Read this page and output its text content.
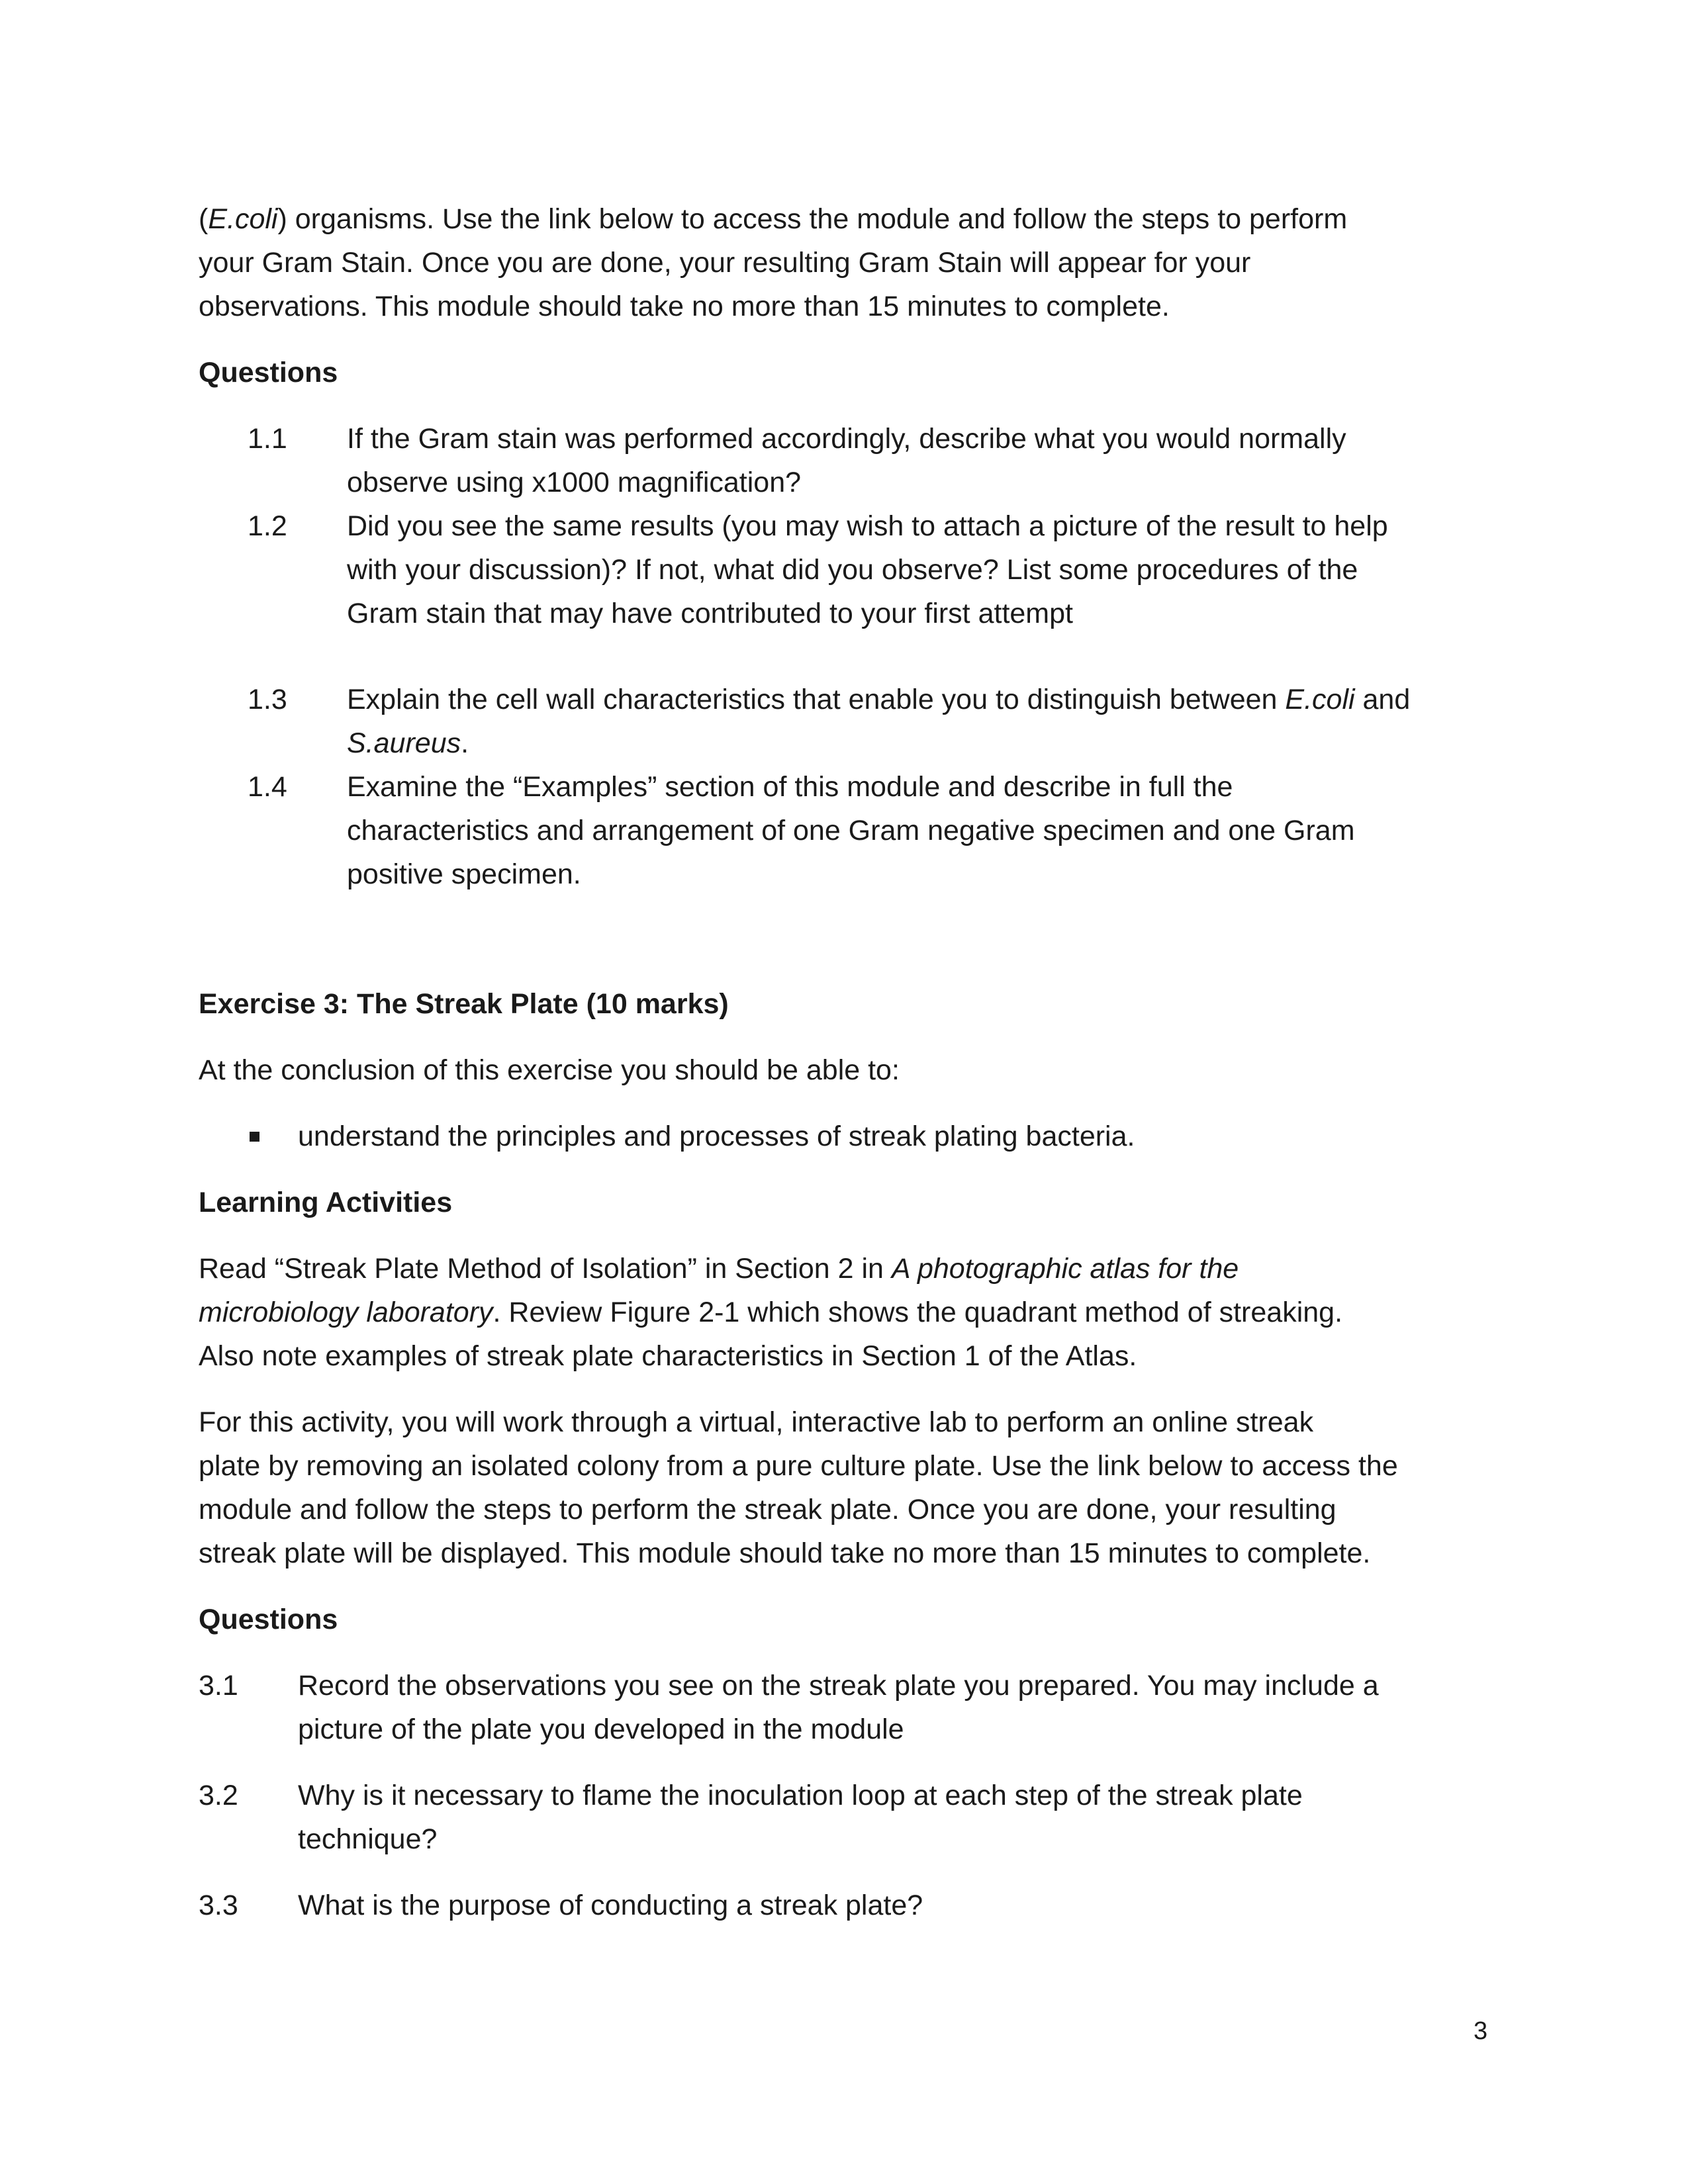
(E.coli) organisms. Use the link below to access the module and follow the steps to perform
your Gram Stain. Once you are done, your resulting Gram Stain will appear for your
observations. This module should take no more than 15 minutes to complete.
Questions
1.1 If the Gram stain was performed accordingly, describe what you would normally
observe using x1000 magnification?
1.2 Did you see the same results (you may wish to attach a picture of the result to help
with your discussion)? If not, what did you observe? List some procedures of the
Gram stain that may have contributed to your first attempt
1.3 Explain the cell wall characteristics that enable you to distinguish between E.coli and
S.aureus.
1.4 Examine the “Examples” section of this module and describe in full the
characteristics and arrangement of one Gram negative specimen and one Gram
positive specimen.
Exercise 3: The Streak Plate (10 marks)
At the conclusion of this exercise you should be able to:
understand the principles and processes of streak plating bacteria.
Learning Activities
Read “Streak Plate Method of Isolation” in Section 2 in A photographic atlas for the
microbiology laboratory. Review Figure 2-1 which shows the quadrant method of streaking.
Also note examples of streak plate characteristics in Section 1 of the Atlas.
For this activity, you will work through a virtual, interactive lab to perform an online streak
plate by removing an isolated colony from a pure culture plate. Use the link below to access the
module and follow the steps to perform the streak plate. Once you are done, your resulting
streak plate will be displayed. This module should take no more than 15 minutes to complete.
Questions
3.1 Record the observations you see on the streak plate you prepared. You may include a
picture of the plate you developed in the module
3.2 Why is it necessary to flame the inoculation loop at each step of the streak plate
technique?
3.3 What is the purpose of conducting a streak plate?
3
